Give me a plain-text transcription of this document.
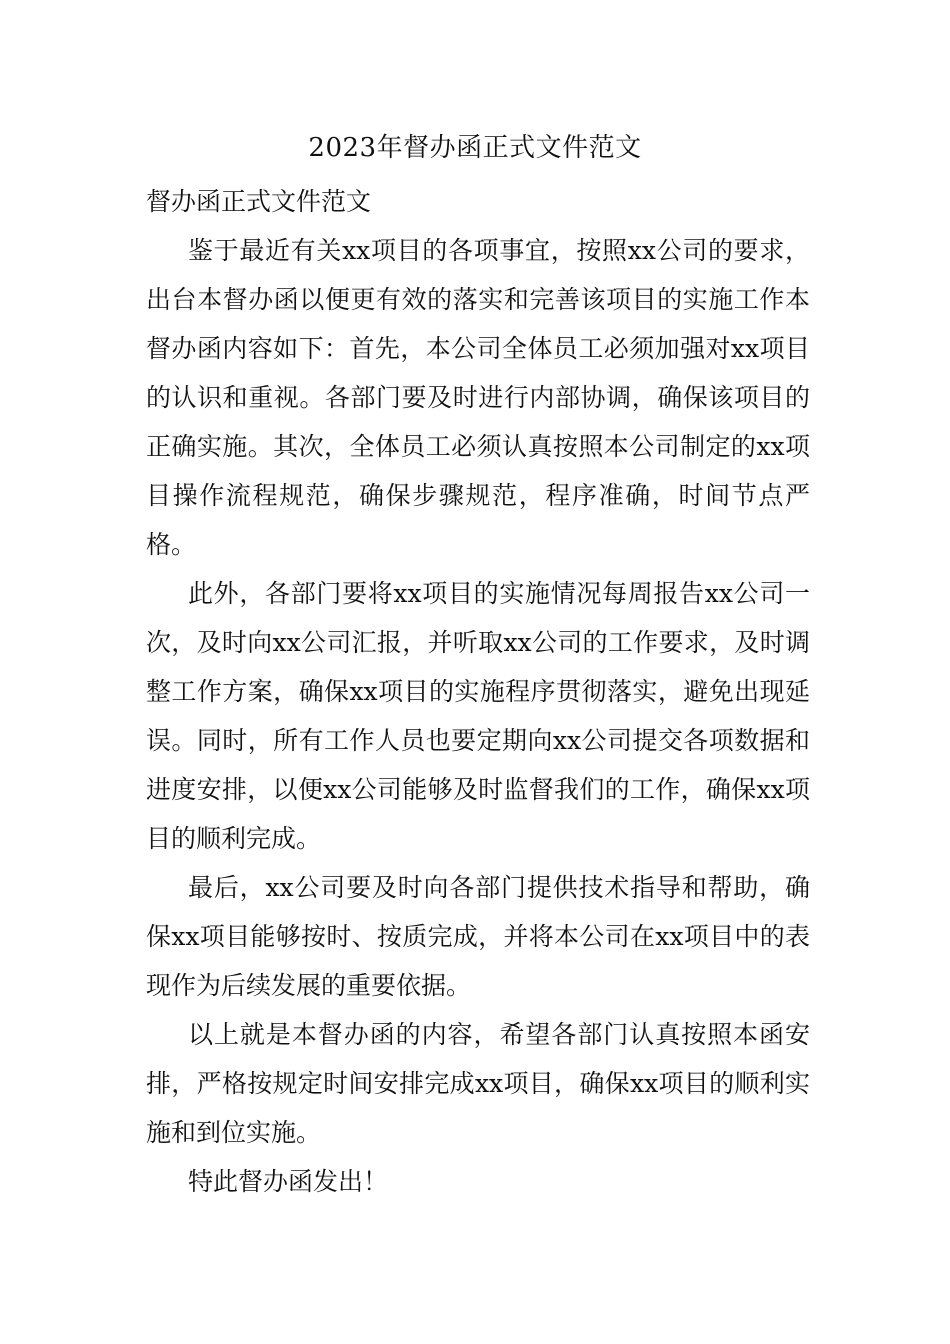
2023年督办函正式文件范文
督办函正式文件范文

鉴于最近有关xx项目的各项事宜，按照xx公司的要求，出台本督办函以便更有效的落实和完善该项目的实施工作本督办函内容如下：首先，本公司全体员工必须加强对xx项目的认识和重视。各部门要及时进行内部协调，确保该项目的正确实施。其次，全体员工必须认真按照本公司制定的xx项目操作流程规范，确保步骤规范，程序准确，时间节点严格。

此外，各部门要将xx项目的实施情况每周报告xx公司一次，及时向xx公司汇报，并听取xx公司的工作要求，及时调整工作方案，确保xx项目的实施程序贯彻落实，避免出现延误。同时，所有工作人员也要定期向xx公司提交各项数据和进度安排，以便xx公司能够及时监督我们的工作，确保xx项目的顺利完成。

最后，xx公司要及时向各部门提供技术指导和帮助，确保xx项目能够按时、按质完成，并将本公司在xx项目中的表现作为后续发展的重要依据。

以上就是本督办函的内容，希望各部门认真按照本函安排，严格按规定时间安排完成xx项目，确保xx项目的顺利实施和到位实施。

特此督办函发出！
